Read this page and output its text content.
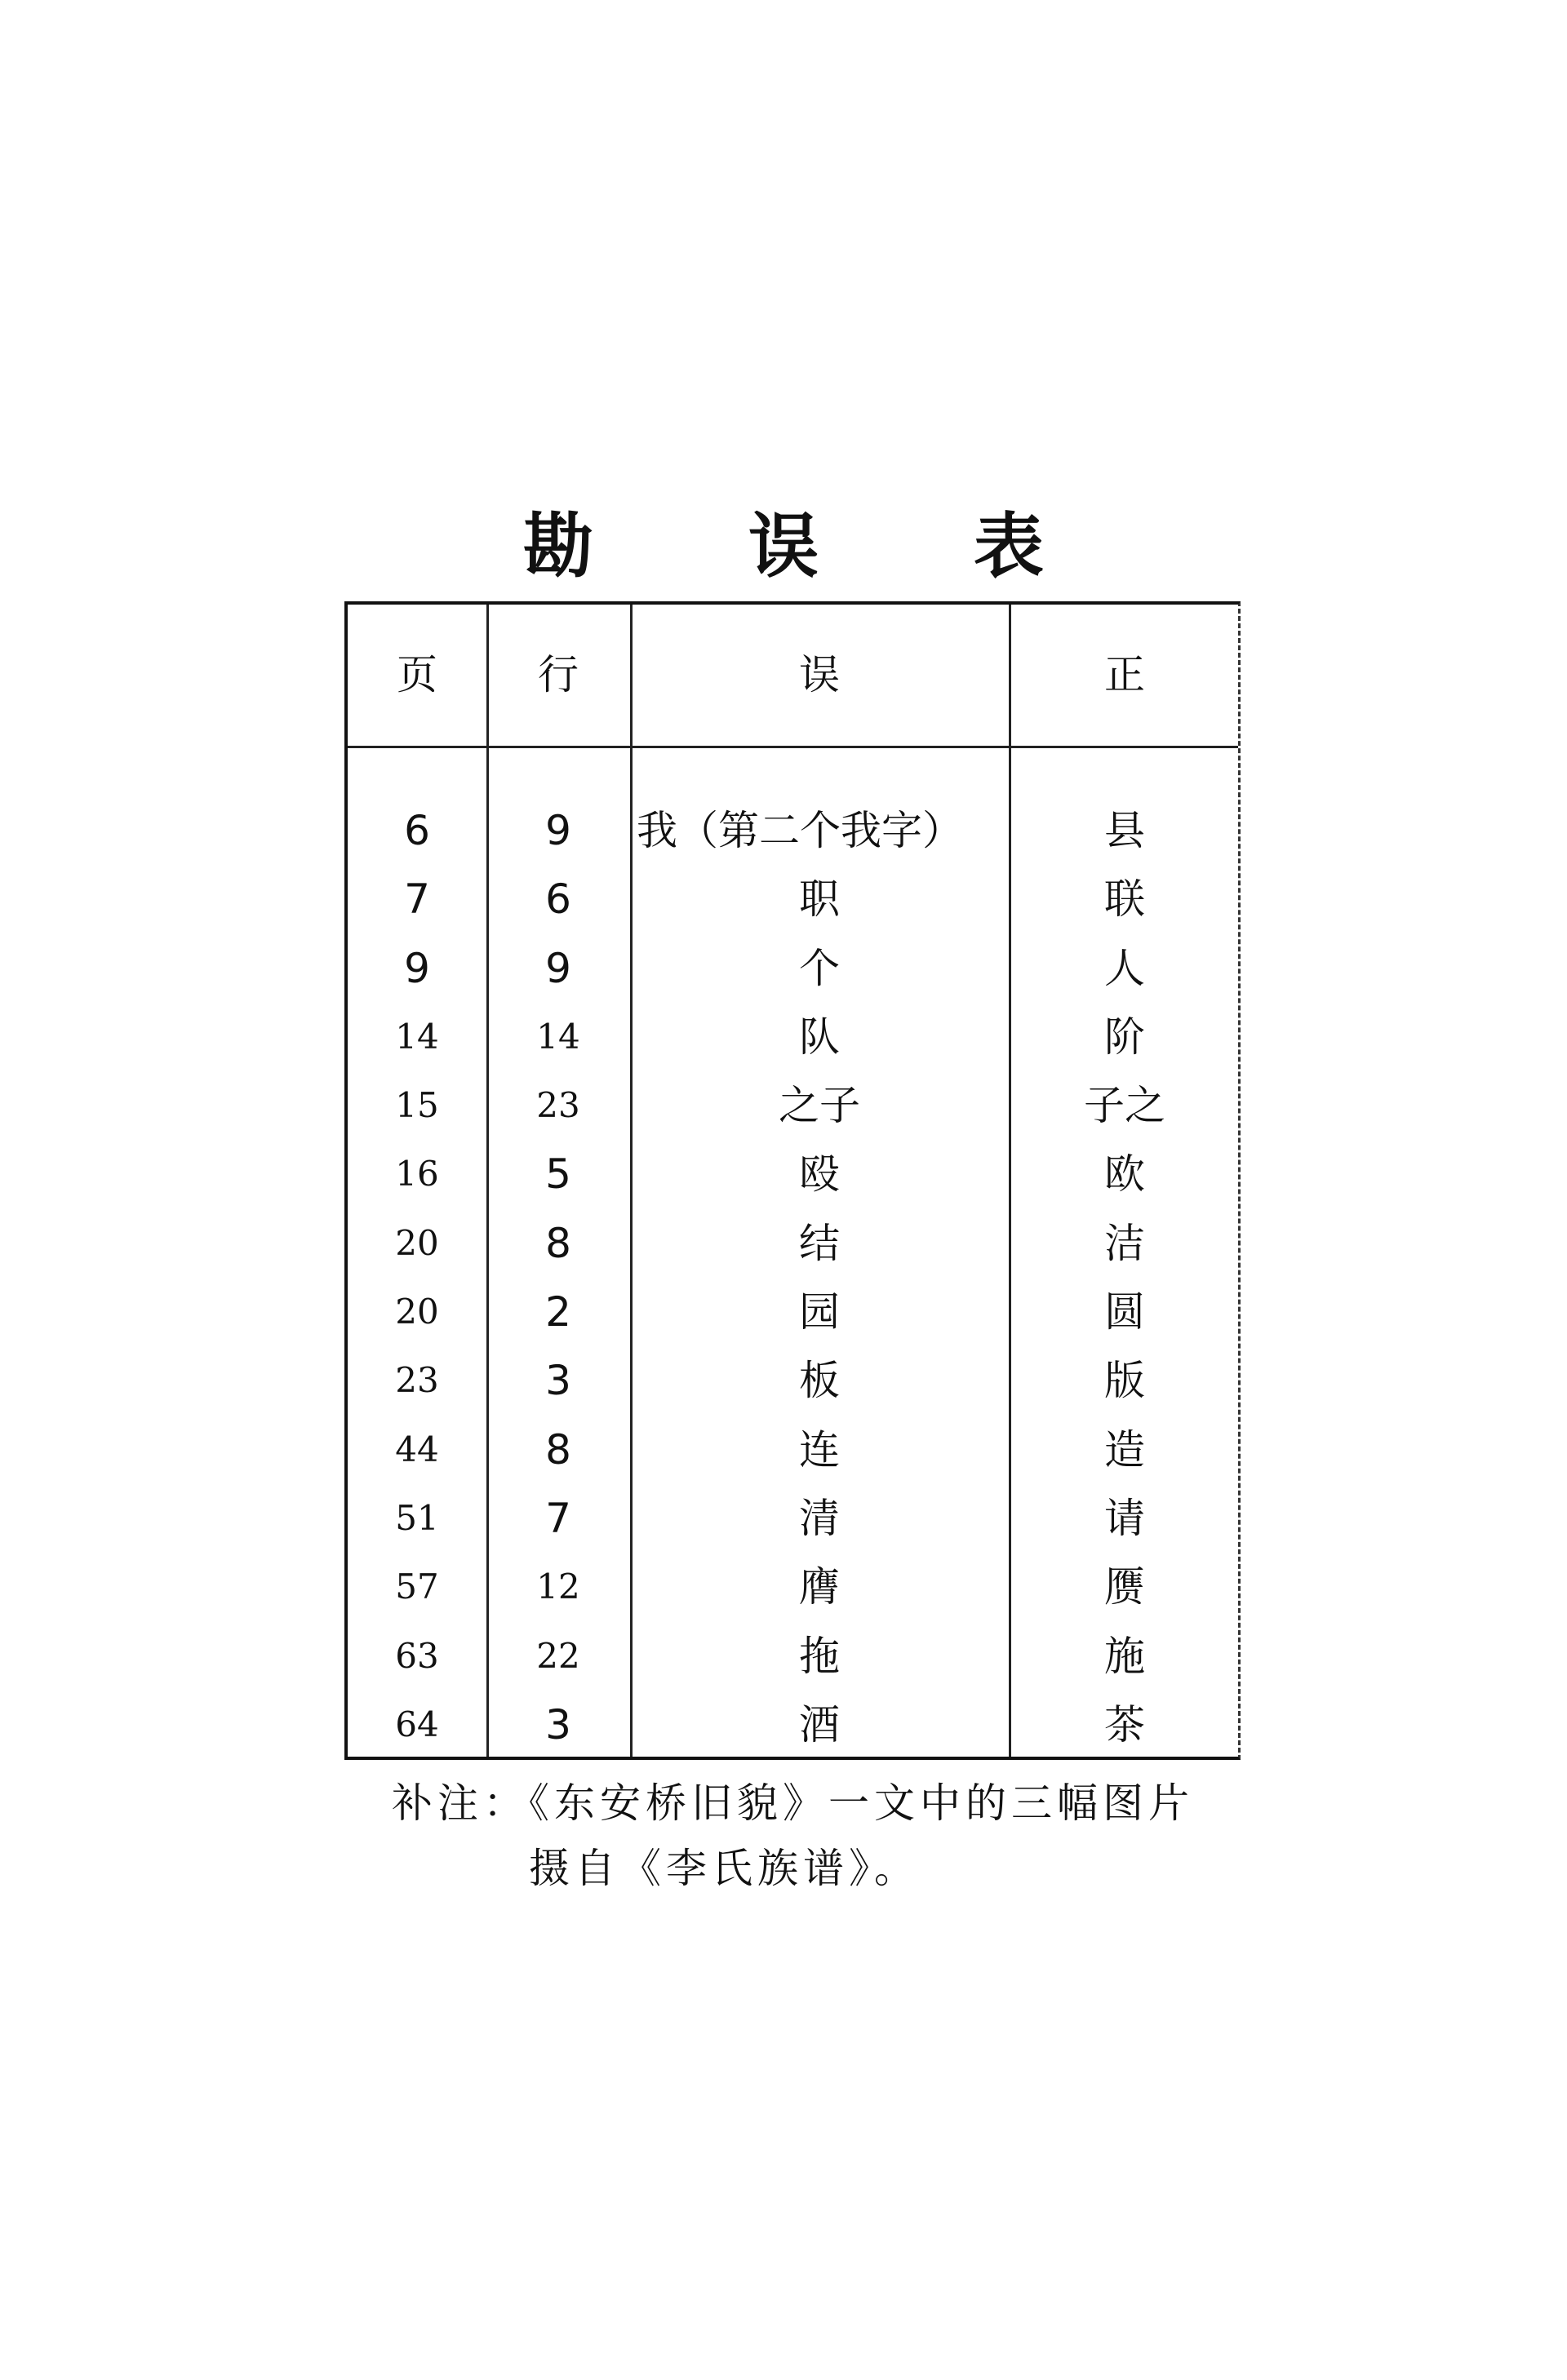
勘 误 表
页	行	误	正
6	9	我（第二个我字）	县
7	6	职	联
9	9	个	人
14	14	队	阶
15	23	之子	子之
16	5	殴	欧
20	8	结	洁
20	2	园	圆
23	3	板	版
44	8	连	造
51	7	清	请
57	12	膺	赝
63	22	拖	施
64	3	酒	茶
补注：《东安桥旧貌》一文中的三幅图片
摄自《李氏族谱》。
